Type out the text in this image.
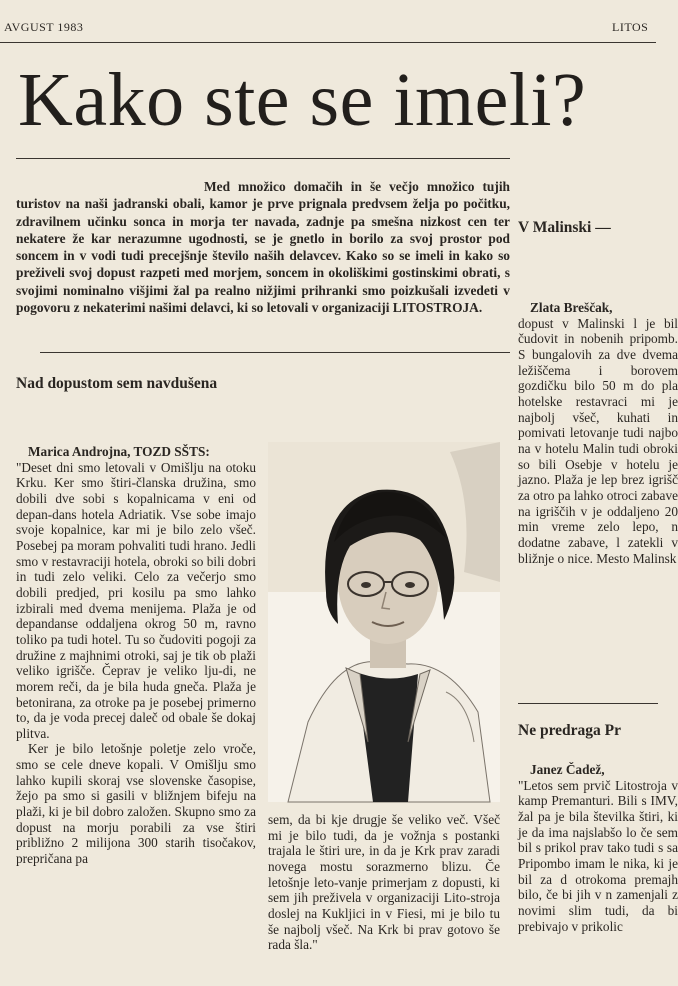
AVGUST 1983	LITOS
Kako ste se imeli?

Med množico domačih in še večjo množico tujih turistov na naši jadranski obali, kamor je prve prignala predvsem želja po počitku, zdravilnem učinku sonca in morja ter navada, zadnje pa smešna nizkost cen ter nekatere že kar nerazumne ugodnosti, se je gnetlo in borilo za svoj prostor pod soncem in v vodi tudi precejšnje število naših delavcev. Kako so se imeli in kako so preživeli svoj dopust razpeti med morjem, soncem in okoliškimi gostinskimi obrati, s svojimi nominalno višjimi žal pa realno nižjimi prihranki smo poizkušali izvedeti v pogovoru z nekaterimi našimi delavci, ki so letovali v organizaciji LITOSTROJA.

Nad dopustom sem navdušena

Marica Androjna, TOZD SŠTS:

"Deset dni smo letovali v Omišlju na otoku Krku. Ker smo štiri-članska družina, smo dobili dve sobi s kopalnicama v eni od depan-dans hotela Adriatik. Vse sobe imajo svoje kopalnice, kar mi je bilo zelo všeč. Posebej pa moram pohvaliti tudi hrano. Jedli smo v restavraciji hotela, obroki so bili dobri in tudi zelo veliki. Celo za večerjo smo dobili predjed, pri kosilu pa smo lahko izbirali med dvema menijema. Plaža je od depandanse oddaljena okrog 50 m, ravno toliko pa tudi hotel. Tu so čudoviti pogoji za družine z majhnimi otroki, saj je tik ob plaži veliko igrišče. Čeprav je veliko lju-di, ne morem reči, da je bila huda gneča. Plaža je betonirana, za otroke pa je posebej primerno to, da je voda precej daleč od obale še dokaj plitva.

Ker je bilo letošnje poletje zelo vroče, smo se cele dneve kopali. V Omišlju smo lahko kupili skoraj vse slovenske časopise, žejo pa smo si gasili v bližnjem bifeju na plaži, ki je bil dobro založen. Skupno smo za dopust na morju porabili za vse štiri približno 2 milijona 300 starih tisočakov, prepričana pa

sem, da bi kje drugje še veliko več. Všeč mi je bilo tudi, da je vožnja s postanki trajala le štiri ure, in da je Krk prav zaradi novega mostu sorazmerno blizu. Če letošnje leto-vanje primerjam z dopusti, ki sem jih preživela v organizaciji Lito-stroja doslej na Kukljici in v Fiesi, mi je bilo tu še najbolj všeč. Na Krk bi prav gotovo še rada šla."

V Malinski —

Zlata Breščak,

dopust v Malinski l je bil čudovit in nobenih pripomb. S bungalovih za dve dvema ležiščema i borovem gozdičku bilo 50 m do pla hotelske restavraci mi je najbolj všeč, kuhati in pomivati letovanje tudi najbo na v hotelu Malin tudi obroki so bili Osebje v hotelu je jazno. Plaža je lep brez igrišč za otro pa lahko otroci zabave na igriščih v je oddaljeno 20 min vreme zelo lepo, n dodatne zabave, l zatekli v bližnje o nice. Mesto Malinsk

Ne predraga Pr

Janez Čadež,

"Letos sem prvič Litostroja v kamp Premanturi. Bili s IMV, žal pa je bila številka štiri, ki je da ima najslabšo lo če sem bil s prikol prav tako tudi s sa Pripombo imam le nika, ki je bil za d otrokoma premajh bilo, če bi jih v n zamenjali z novimi slim tudi, da bi prebivajo v prikolic
